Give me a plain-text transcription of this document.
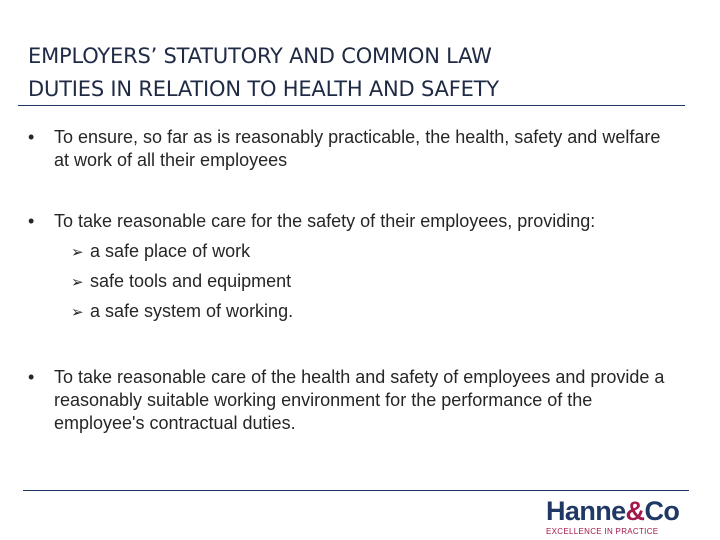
EMPLOYERS’ STATUTORY AND COMMON LAW
DUTIES IN RELATION TO HEALTH AND SAFETY
•	To ensure, so far as is reasonably practicable, the health, safety and welfare at work of all their employees
•	To take reasonable care for the safety of their employees, providing:
➢ a safe place of work
➢ safe tools and equipment
➢ a safe system of working.
•	To take reasonable care of the health and safety of employees and provide a reasonably suitable working environment for the performance of the employee's contractual duties.
Hanne&Co
EXCELLENCE IN PRACTICE
